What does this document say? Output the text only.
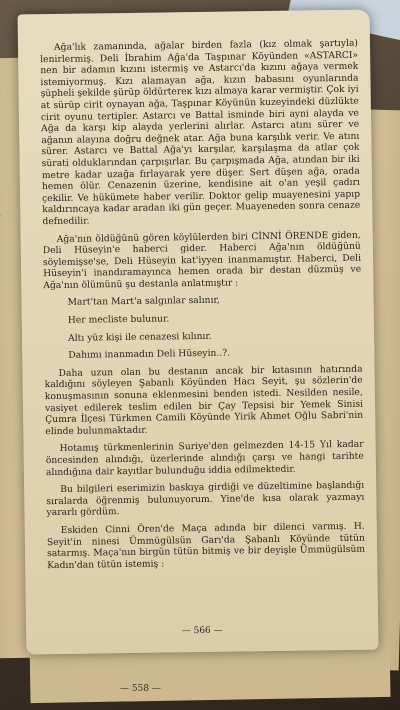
— 558 —

Ağa'lık zamanında, ağalar birden fazla (kız olmak şartıyla) lenirlermiş. Deli İbrahim Ağa'da Taşpınar Köyünden «ASTARCI» nen bir adamın kızını istermiş ve Astarcı'da kızını ağaya vermek istemiyormuş. Kızı alamayan ağa, kızın babasını oyunlarında şüpheli şekilde şürüp öldürtereк kızı almaya karar vermiştir. Çok iyi at sürüp cirit oynayan ağa, Taşpınar Köyünün kuzeyindeki düzlükte cirit oyunu tertipler. Astarcı ve Battal isminde biri ayni alayda ve Ağa da karşı kip alayda yerlerini alırlar. Astarcı atını sürer ve ağanın alayına doğru değnek atar. Ağa buna karşılık verir. Ve atını sürer. Astarcı ve Battal Ağa'yı karşılar, karşılaşma da atlar çok sürati olduklarından çarpışırlar. Bu çarpışmada Ağa, atından bir iki metre kadar uzağa fırlayarak yere düşer. Sert düşen ağa, orada hemen ölür. Cenazenin üzerine, kendisine ait o'an yeşil çadırı çekilir. Ve hükümete haber verilir. Doktor gelip muayenesini yapıp kaldırıncaya kadar aradan iki gün geçer. Muayeneden sonra cenaze defnedilir.

Ağa'nın öldüğünü gören köylülerden biri CİNNİ ÖRENDE giden, Deli Hüseyin'e haberci gider. Haberci Ağa'nın öldüğünü söylemişse'se, Deli Hüseyin kat'iyyen inanmamıştır. Haberci, Deli Hüseyin'i inandıramayınca hemen orada bir destan düzmüş ve Ağa'nın ölümünü şu destanla anlatmıştır :

Mart'tan Mart'a salgınlar salınır,

Her mecliste bulunur.

Altı yüz kişi ile cenazesi kılınır.

Dahımı inanmadın Deli Hüseyin..?.

Daha uzun olan bu destanın ancak bir kıtasının hatırında kaldığını söyleyen Şabanlı Köyünden Hacı Seyit, şu sözlerin'de konuşmasının sonuna eklenmesini benden istedi. Nesilden nesile, vasiyet edilerek teslim edilen bir Çay Tepsisi bir Yemek Sinisi Çumra İlçesi Türkmen Camili Köyünde Yirik Ahmet Oğlu Sabri'nin elinde bulunmaktadır.

Hotamış türkmenlerinin Suriye'den gelmezden 14-15 Yıl kadar öncesinden alındığı, üzerlerinde alındığı çarşı ve hangi tarihte alındığına dair kayıtlar bulunduğu iddia edilmektedir.

Bu bilgileri eserimizin baskıya girdiği ve düzeltimine başlandığı sıralarda öğrenmiş bulunuyorum. Yine'de kısa olarak yazmayı yararlı gördüm.

Eskiden Cinni Ören'de Maça adında bir dilenci varmış. H. Seyit'in ninesi Ümmügülsün Garı'da Şabanlı Köyünde tütün satarmış. Maça'nın birgün tütün bitmiş ve bir deyişle Ümmügülsüm Kadın'dan tütün istemiş :

— 566 —
